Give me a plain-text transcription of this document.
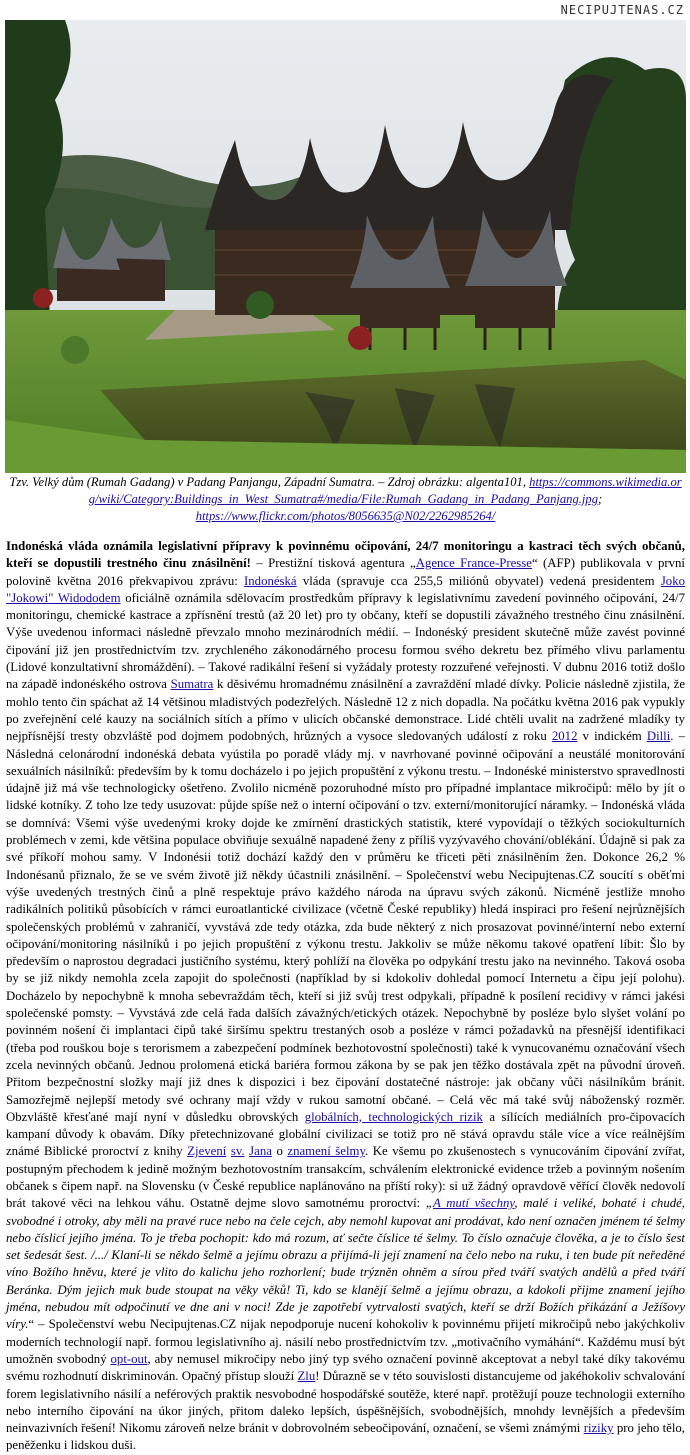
NECIPUJTENAS.CZ
Tzv. Velký dům (Rumah Gadang) v Padang Panjangu, Západní Sumatra. – Zdroj obrázku: algenta101, https://commons.wikimedia.org/wiki/Category:Buildings_in_West_Sumatra#/media/File:Rumah_Gadang_in_Padang_Panjang.jpg; https://www.flickr.com/photos/8056635@N02/2262985264/
Indonéská vláda oznámila legislativní přípravy k povinnému očipování, 24/7 monitoringu a kastraci těch svých občanů, kteří se dopustili trestného činu znásilnění! – Prestižní tisková agentura „Agence France-Presse“ (AFP) publikovala v první polovině května 2016 překvapivou zprávu: Indonéská vláda (spravuje cca 255,5 miliónů obyvatel) vedená presidentem Joko "Jokowi" Widododem oficiálně oznámila sdělovacím prostředkům přípravy k legislativnímu zavedení povinného očipování, 24/7 monitoringu, chemické kastrace a zpřísnění trestů (až 20 let) pro ty občany, kteří se dopustili závažného trestného činu znásilnění. Výše uvedenou informaci následně převzalo mnoho mezinárodních médií. – Indonéský president skutečně může zavést povinné čipování již jen prostřednictvím tzv. zrychleného zákonodárného procesu formou svého dekretu bez přímého vlivu parlamentu (Lidové konzultativní shromáždění). – Takové radikální řešení si vyžádaly protesty rozzuřené veřejnosti. V dubnu 2016 totiž došlo na západě indonéského ostrova Sumatra k děsivému hromadnému znásilnění a zavraždění mladé dívky. Policie následně zjistila, že mohlo tento čin spáchat až 14 většinou mladistvých podezřelých. Následně 12 z nich dopadla. Na počátku května 2016 pak vypukly po zveřejnění celé kauzy na sociálních sítích a přímo v ulicích občanské demonstrace. Lidé chtěli uvalit na zadržené mladíky ty nejpřísnější tresty obzvláště pod dojmem podobných, hrůzných a vysoce sledovaných událostí z roku 2012 v indickém Dilli. – Následná celonárodní indonéská debata vyústila po poradě vlády mj. v navrhované povinné očipování a neustálé monitorování sexuálních násilníků: především by k tomu docházelo i po jejich propuštění z výkonu trestu. – Indonéské ministerstvo spravedlnosti údajně již má vše technologicky ošetřeno. Zvolilo nicméně pozoruhodné místo pro případné implantace mikročipů: mělo by jít o lidské kotníky. Z toho lze tedy usuzovat: půjde spíše než o interní očipování o tzv. externí/monitorující náramky. – Indonéská vláda se domnívá: Všemi výše uvedenými kroky dojde ke zmírnění drastických statistik, které vypovídají o těžkých sociokulturních problémech v zemi, kde většina populace obviňuje sexuálně napadené ženy z příliš vyzývavého chování/oblékání. Údajně si pak za své příkoří mohou samy. V Indonésii totiž dochází každý den v průměru ke třiceti pěti znásilněním žen. Dokonce 26,2 % Indonésanů přiznalo, že se ve svém životě již někdy účastnili znásilnění. – Společenství webu Necipujtenas.CZ soucítí s oběťmi výše uvedených trestných činů a plně respektuje právo každého národa na úpravu svých zákonů. Nicméně jestliže mnoho radikálních politiků působících v rámci euroatlantické civilizace (včetně České republiky) hledá inspiraci pro řešení nejrůznějších společenských problémů v zahraničí, vyvstává zde tedy otázka, zda bude některý z nich prosazovat povinné/interní nebo externí očipování/monitoring násilníků i po jejich propuštění z výkonu trestu. Jakkoliv se může někomu takové opatření líbit: Šlo by především o naprostou degradaci justičního systému, který pohlíží na člověka po odpykání trestu jako na nevinného. Taková osoba by se již nikdy nemohla zcela zapojit do společnosti (například by si kdokoliv dohledal pomocí Internetu a čipu její polohu). Docházelo by nepochybně k mnoha sebevraždám těch, kteří si již svůj trest odpykali, případně k posílení recidivy v rámci jakési společenské pomsty. – Vyvstává zde celá řada dalších závažných/etických otázek. Nepochybně by posléze bylo slyšet volání po povinném nošení či implantaci čipů také širšímu spektru trestaných osob a posléze v rámci požadavků na přesnější identifikaci (třeba pod rouškou boje s terorismem a zabezpečení podmínek bezhotovostní společnosti) také k vynucovanému označování všech zcela nevinných občanů. Jednou prolomená etická bariéra formou zákona by se pak jen těžko dostávala zpět na původní úroveň. Přitom bezpečnostní složky mají již dnes k dispozici i bez čipování dostatečné nástroje: jak občany vůči násilníkům bránit. Samozřejmě nejlepší metody své ochrany mají vždy v rukou samotní občané. – Celá věc má také svůj náboženský rozměr. Obzvláště křesťané mají nyní v důsledku obrovských globálních, technologických rizik a sílících mediálních pro-čipovacích kampaní důvody k obavám. Díky přetechnizované globální civilizaci se totiž pro ně stává opravdu stále více a více reálnějším známé Biblické proroctví z knihy Zjevení sv. Jana o znamení šelmy. Ke všemu po zkušenostech s vynucováním čipování zvířat, postupným přechodem k jedině možným bezhotovostním transakcím, schválením elektronické evidence tržeb a povinným nošením občanek s čipem např. na Slovensku (v České republice naplánováno na příští roky): si už žádný opravdově věřící člověk nedovolí brát takové věci na lehkou váhu. Ostatně dejme slovo samotnému proroctví: „A mutí všechny, malé i veliké, bohaté i chudé, svobodné i otroky, aby měli na pravé ruce nebo na čele cejch, aby nemohl kupovat ani prodávat, kdo není označen jménem té šelmy nebo číslicí jejího jména. To je třeba pochopit: kdo má rozum, ať sečte číslice té šelmy. To číslo označuje člověka, a je to číslo šest set šedesát šest. /.../ Klaní-li se někdo šelmě a jejímu obrazu a přijímá-li její znamení na čelo nebo na ruku, i ten bude pít neředěné víno Božího hněvu, které je vlito do kalichu jeho rozhorlení; bude trýzněn ohněm a sírou před tváří svatých andělů a před tváří Beránka. Dým jejich muk bude stoupat na věky věků! Ti, kdo se klanějí šelmě a jejímu obrazu, a kdokoli přijme znamení jejího jména, nebudou mít odpočinutí ve dne ani v noci! Zde je zapotřebí vytrvalosti svatých, kteří se drží Božích přikázání a Ježíšovy víry.“ – Společenství webu Necipujtenas.CZ nijak nepodporuje nucení kohokoliv k povinnému přijetí mikročipů nebo jakýchkoliv moderních technologií např. formou legislativního aj. násilí nebo prostřednictvím tzv. „motivačního vymáhání“. Každému musí být umožněn svobodný opt-out, aby nemusel mikročipy nebo jiný typ svého označení povinně akceptovat a nebyl také díky takovému svému rozhodnutí diskriminován. Opačný přístup slouží Zlu! Důrazně se v této souvislosti distancujeme od jakéhokoliv schvalování forem legislativního násilí a neférových praktik nesvobodné hospodářské soutěže, které např. protěžují pouze technologii externího nebo interního čipování na úkor jiných, přitom daleko lepších, úspěšnějších, svobodnějších, mnohdy levnějších a především neinvazivních řešení! Nikomu zároveň nelze bránit v dobrovolném sebeočipování, označení, se všemi známými riziky pro jeho tělo, peněženku i lidskou duši.
